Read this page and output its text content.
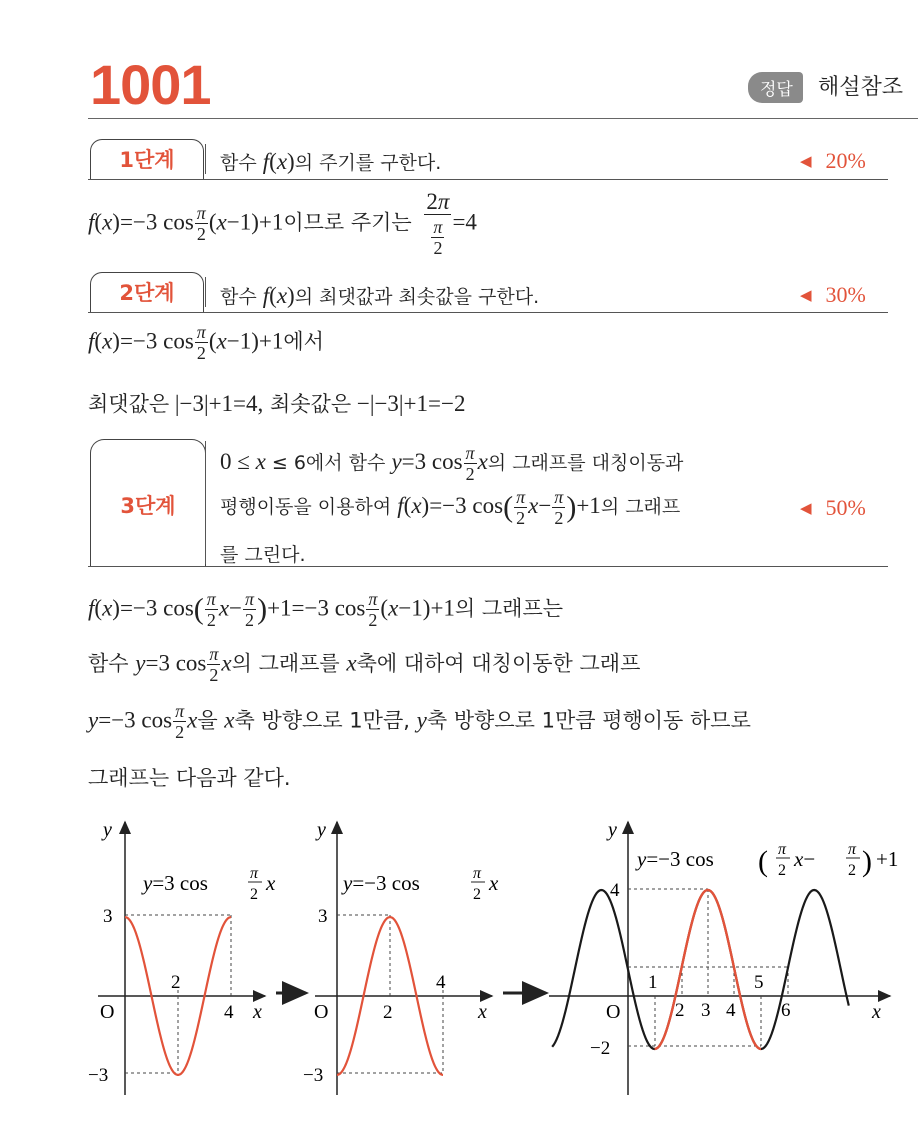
1001	정답	해설참조
1단계	함수 f(x)의 주기를 구한다.	◀ 20%
f(x)=−3 $\cos \frac{\pi}{2} (x-1)+1$이므로 주기는 $\frac{2\pi}{\frac{\pi}{2}} =4$
2단계	함수 f(x)의 최댓값과 최솟값을 구한다.	◀ 30%
f(x)=−3 $\cos \frac{\pi}{2} (x-1)+1$에서
최댓값은 |−3|+1=4, 최솟값은 −|−3|+1=−2
3단계
0 ≤ x ≤ 6에서 함수 y=3 $\cos \frac{\pi}{2}$ x의 그래프를 대칭이동과
평행이동을 이용하여 f(x)=−3 $\cos( \frac{\pi}{2} x- \frac{\pi}{2} )+1$의 그래프
를 그린다.
◀ 50%
f(x)=−3 $\cos( \frac{\pi}{2} x- \frac{\pi}{2} )+1=-3$ $\cos \frac{\pi}{2} (x-1)+1$의 그래프는
함수 y=3 $\cos \frac{\pi}{2}$ x의 그래프를 x축에 대하여 대칭이동한 그래프
y=−3 $\cos \frac{\pi}{2}$ x을 x축 방향으로 1만큼, y축 방향으로 1만큼 평행이동 하므로
그래프는 다음과 같다.
y
O	x
3
−3
2
4
y=3 cos	π
2 x
y
O	x
3
−3
2
4
y=−3 cos	π
2 x
y
O	x
4
−2
1
2 3 4
5
6
y=−3 cos ( π
2 x− π
2 ) +1
